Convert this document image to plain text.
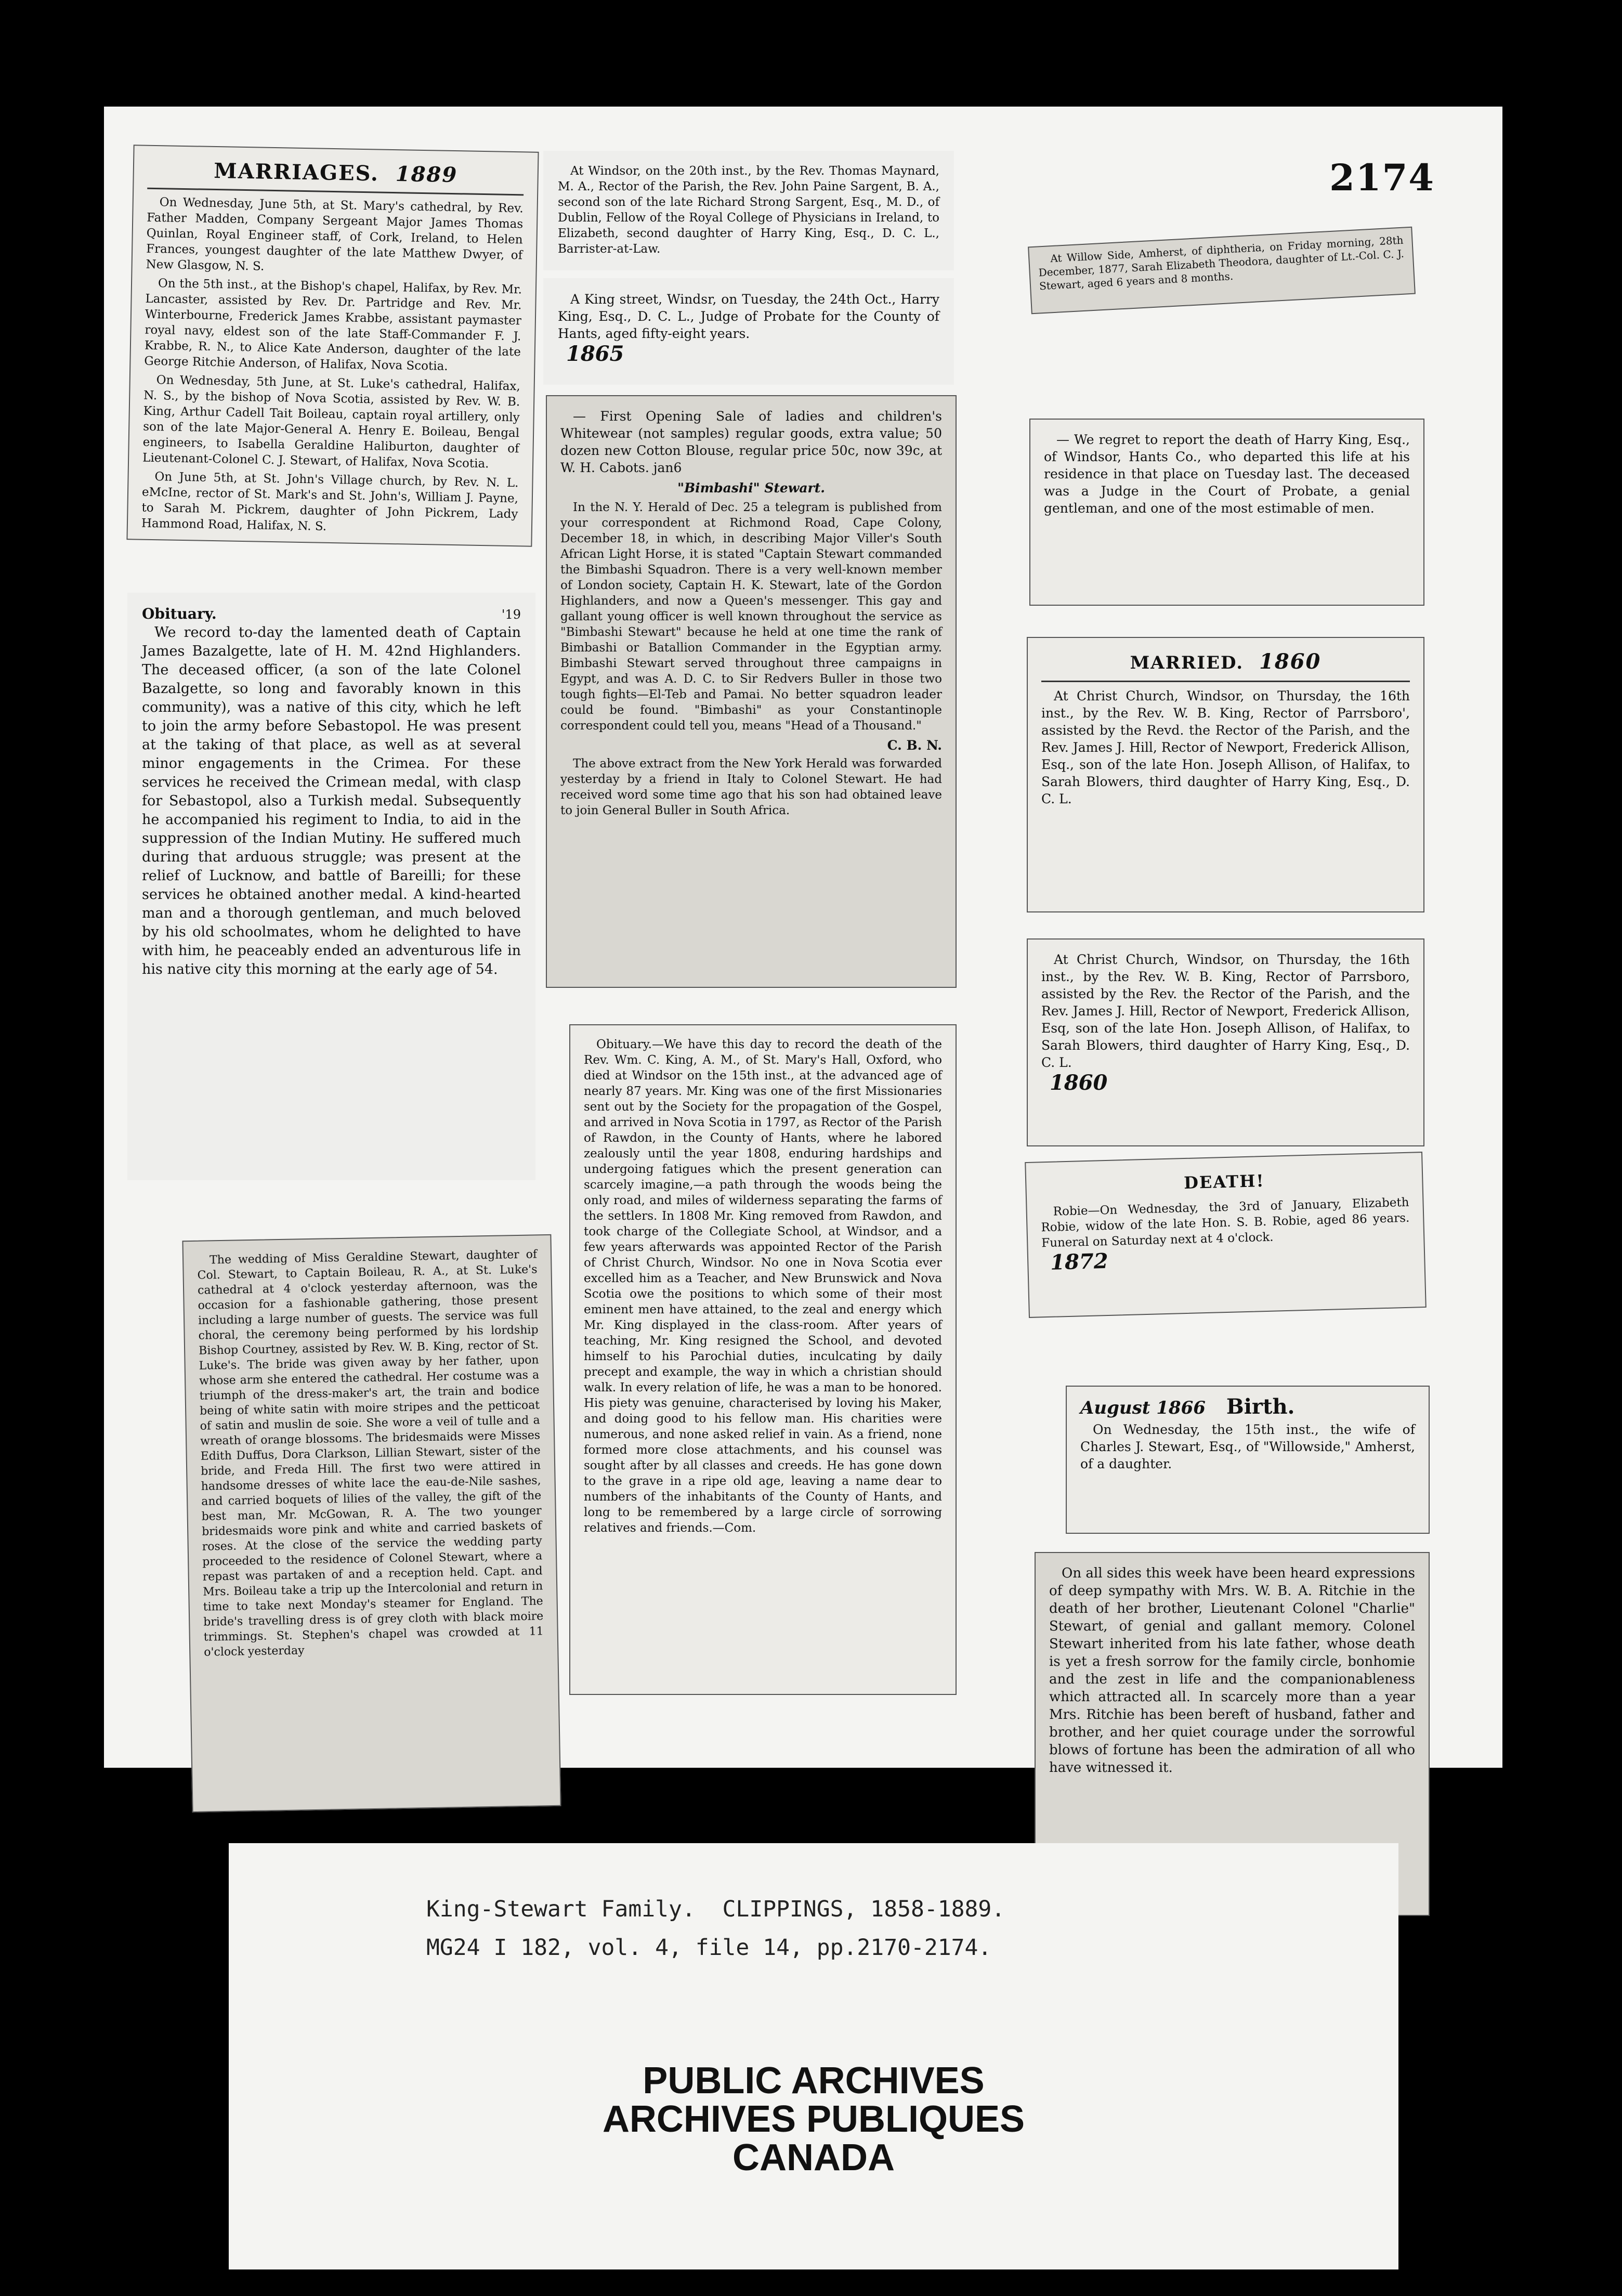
2174
MARRIAGES. 1889

On Wednesday, June 5th, at St. Mary's cathedral, by Rev. Father Madden, Company Sergeant Major James Thomas Quinlan, Royal Engineer staff, of Cork, Ireland, to Helen Frances, youngest daughter of the late Matthew Dwyer, of New Glasgow, N. S.

On the 5th inst., at the Bishop's chapel, Halifax, by Rev. Mr. Lancaster, assisted by Rev. Dr. Partridge and Rev. Mr. Winterbourne, Frederick James Krabbe, assistant paymaster royal navy, eldest son of the late Staff-Commander F. J. Krabbe, R. N., to Alice Kate Anderson, daughter of the late George Ritchie Anderson, of Halifax, Nova Scotia.

On Wednesday, 5th June, at St. Luke's cathedral, Halifax, N. S., by the bishop of Nova Scotia, assisted by Rev. W. B. King, Arthur Cadell Tait Boileau, captain royal artillery, only son of the late Major-General A. Henry E. Boileau, Bengal engineers, to Isabella Geraldine Haliburton, daughter of Lieutenant-Colonel C. J. Stewart, of Halifax, Nova Scotia.

On June 5th, at St. John's Village church, by Rev. N. L. eMcIne, rector of St. Mark's and St. John's, William J. Payne, to Sarah M. Pickrem, daughter of John Pickrem, Lady Hammond Road, Halifax, N. S.

At Windsor, on the 20th inst., by the Rev. Thomas Maynard, M. A., Rector of the Parish, the Rev. John Paine Sargent, B. A., second son of the late Richard Strong Sargent, Esq., M. D., of Dublin, Fellow of the Royal College of Physicians in Ireland, to Elizabeth, second daughter of Harry King, Esq., D. C. L., Barrister-at-Law.

A King street, Windsr, on Tuesday, the 24th Oct., Harry King, Esq., D. C. L., Judge of Probate for the County of Hants, aged fifty-eight years.

1865

At Willow Side, Amherst, of diphtheria, on Friday morning, 28th December, 1877, Sarah Elizabeth Theodora, daughter of Lt.-Col. C. J. Stewart, aged 6 years and 8 months.

— First Opening Sale of ladies and children's Whitewear (not samples) regular goods, extra value; 50 dozen new Cotton Blouse, regular price 50c, now 39c, at W. H. Cabots. jan6

"Bimbashi" Stewart.

In the N. Y. Herald of Dec. 25 a telegram is published from your correspondent at Richmond Road, Cape Colony, December 18, in which, in describing Major Viller's South African Light Horse, it is stated "Captain Stewart commanded the Bimbashi Squadron. There is a very well-known member of London society, Captain H. K. Stewart, late of the Gordon Highlanders, and now a Queen's messenger. This gay and gallant young officer is well known throughout the service as "Bimbashi Stewart" because he held at one time the rank of Bimbashi or Batallion Commander in the Egyptian army. Bimbashi Stewart served throughout three campaigns in Egypt, and was A. D. C. to Sir Redvers Buller in those two tough fights—El-Teb and Pamai. No better squadron leader could be found. "Bimbashi" as your Constantinople correspondent could tell you, means "Head of a Thousand."

C. B. N.

The above extract from the New York Herald was forwarded yesterday by a friend in Italy to Colonel Stewart. He had received word some time ago that his son had obtained leave to join General Buller in South Africa.

— We regret to report the death of Harry King, Esq., of Windsor, Hants Co., who departed this life at his residence in that place on Tuesday last. The deceased was a Judge in the Court of Probate, a genial gentleman, and one of the most estimable of men.

Obituary.	'19

We record to-day the lamented death of Captain James Bazalgette, late of H. M. 42nd Highlanders. The deceased officer, (a son of the late Colonel Bazalgette, so long and favorably known in this community), was a native of this city, which he left to join the army before Sebastopol. He was present at the taking of that place, as well as at several minor engagements in the Crimea. For these services he received the Crimean medal, with clasp for Sebastopol, also a Turkish medal. Subsequently he accompanied his regiment to India, to aid in the suppression of the Indian Mutiny. He suffered much during that arduous struggle; was present at the relief of Lucknow, and battle of Bareilli; for these services he obtained another medal. A kind-hearted man and a thorough gentleman, and much beloved by his old schoolmates, whom he delighted to have with him, he peaceably ended an adventurous life in his native city this morning at the early age of 54.

MARRIED. 1860

At Christ Church, Windsor, on Thursday, the 16th inst., by the Rev. W. B. King, Rector of Parrsboro', assisted by the Revd. the Rector of the Parish, and the Rev. James J. Hill, Rector of Newport, Frederick Allison, Esq., son of the late Hon. Joseph Allison, of Halifax, to Sarah Blowers, third daughter of Harry King, Esq., D. C. L.

At Christ Church, Windsor, on Thursday, the 16th inst., by the Rev. W. B. King, Rector of Parrsboro, assisted by the Rev. the Rector of the Parish, and the Rev. James J. Hill, Rector of Newport, Frederick Allison, Esq, son of the late Hon. Joseph Allison, of Halifax, to Sarah Blowers, third daughter of Harry King, Esq., D. C. L.

1860

Obituary.—We have this day to record the death of the Rev. Wm. C. King, A. M., of St. Mary's Hall, Oxford, who died at Windsor on the 15th inst., at the advanced age of nearly 87 years. Mr. King was one of the first Missionaries sent out by the Society for the propagation of the Gospel, and arrived in Nova Scotia in 1797, as Rector of the Parish of Rawdon, in the County of Hants, where he labored zealously until the year 1808, enduring hardships and undergoing fatigues which the present generation can scarcely imagine,—a path through the woods being the only road, and miles of wilderness separating the farms of the settlers. In 1808 Mr. King removed from Rawdon, and took charge of the Collegiate School, at Windsor, and a few years afterwards was appointed Rector of the Parish of Christ Church, Windsor. No one in Nova Scotia ever excelled him as a Teacher, and New Brunswick and Nova Scotia owe the positions to which some of their most eminent men have attained, to the zeal and energy which Mr. King displayed in the class-room. After years of teaching, Mr. King resigned the School, and devoted himself to his Parochial duties, inculcating by daily precept and example, the way in which a christian should walk. In every relation of life, he was a man to be honored. His piety was genuine, characterised by loving his Maker, and doing good to his fellow man. His charities were numerous, and none asked relief in vain. As a friend, none formed more close attachments, and his counsel was sought after by all classes and creeds. He has gone down to the grave in a ripe old age, leaving a name dear to numbers of the inhabitants of the County of Hants, and long to be remembered by a large circle of sorrowing relatives and friends.—Com.

DEATH!

Robie—On Wednesday, the 3rd of January, Elizabeth Robie, widow of the late Hon. S. B. Robie, aged 86 years. Funeral on Saturday next at 4 o'clock.

1872

The wedding of Miss Geraldine Stewart, daughter of Col. Stewart, to Captain Boileau, R. A., at St. Luke's cathedral at 4 o'clock yesterday afternoon, was the occasion for a fashionable gathering, those present including a large number of guests. The service was full choral, the ceremony being performed by his lordship Bishop Courtney, assisted by Rev. W. B. King, rector of St. Luke's. The bride was given away by her father, upon whose arm she entered the cathedral. Her costume was a triumph of the dress-maker's art, the train and bodice being of white satin with moire stripes and the petticoat of satin and muslin de soie. She wore a veil of tulle and a wreath of orange blossoms. The bridesmaids were Misses Edith Duffus, Dora Clarkson, Lillian Stewart, sister of the bride, and Freda Hill. The first two were attired in handsome dresses of white lace the eau-de-Nile sashes, and carried boquets of lilies of the valley, the gift of the best man, Mr. McGowan, R. A. The two younger bridesmaids wore pink and white and carried baskets of roses. At the close of the service the wedding party proceeded to the residence of Colonel Stewart, where a repast was partaken of and a reception held. Capt. and Mrs. Boileau take a trip up the Intercolonial and return in time to take next Monday's steamer for England. The bride's travelling dress is of grey cloth with black moire trimmings. St. Stephen's chapel was crowded at 11 o'clock yesterday

August 1866 Birth.

On Wednesday, the 15th inst., the wife of Charles J. Stewart, Esq., of "Willowside," Amherst, of a daughter.

On all sides this week have been heard expressions of deep sympathy with Mrs. W. B. A. Ritchie in the death of her brother, Lieutenant Colonel "Charlie" Stewart, of genial and gallant memory. Colonel Stewart inherited from his late father, whose death is yet a fresh sorrow for the family circle, bonhomie and the zest in life and the companionableness which attracted all. In scarcely more than a year Mrs. Ritchie has been bereft of husband, father and brother, and her quiet courage under the sorrowful blows of fortune has been the admiration of all who have witnessed it.

King-Stewart Family.  CLIPPINGS, 1858-1889.
MG24 I 182, vol. 4, file 14, pp.2170-2174.
PUBLIC ARCHIVES
ARCHIVES PUBLIQUES
CANADA
